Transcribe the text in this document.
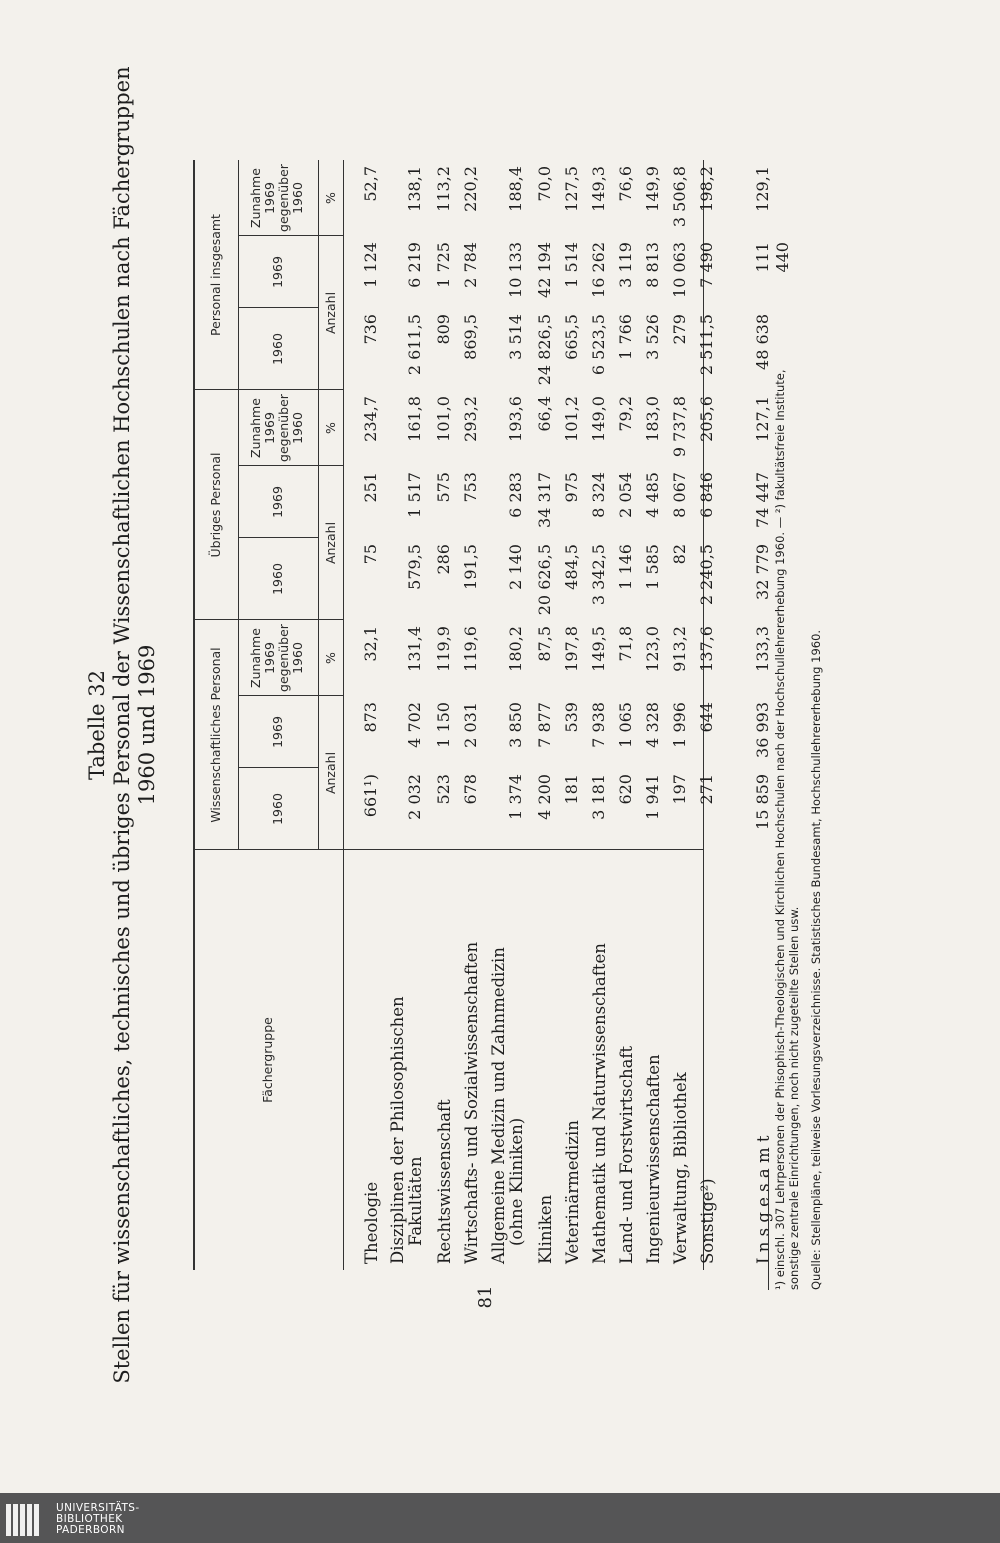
Tabelle 32 Stellen für wissenschaftliches, technisches und übriges Personal der Wissenschaftlichen Hochschulen nach Fächergruppen 1960 und 1969
81
Fächergruppe
Wissenschaftliches Personal
Übriges Personal
Personal insgesamt
1960
1969
Zunahme 1969 gegenüber 1960
1960
1969
Zunahme 1969 gegenüber 1960
1960
1969
Zunahme 1969 gegenüber 1960
Anzahl
%
Anzahl
%
Anzahl
%
Theologie
661¹)
873
32,1
75
251
234,7
736
1 124
52,7
Disziplinen der Philosophischen Fakultäten
2 032
4 702
131,4
579,5
1 517
161,8
2 611,5
6 219
138,1
Rechtswissenschaft
523
1 150
119,9
286
575
101,0
809
1 725
113,2
Wirtschafts- und Sozialwissenschaften
678
2 031
119,6
191,5
753
293,2
869,5
2 784
220,2
Allgemeine Medizin und Zahnmedizin (ohne Kliniken)
1 374
3 850
180,2
2 140
6 283
193,6
3 514
10 133
188,4
Kliniken
4 200
7 877
87,5
20 626,5
34 317
66,4
24 826,5
42 194
70,0
Veterinärmedizin
181
539
197,8
484,5
975
101,2
665,5
1 514
127,5
Mathematik und Naturwissenschaften
3 181
7 938
149,5
3 342,5
8 324
149,0
6 523,5
16 262
149,3
Land- und Forstwirtschaft
620
1 065
71,8
1 146
2 054
79,2
1 766
3 119
76,6
Ingenieurwissenschaften
1 941
4 328
123,0
1 585
4 485
183,0
3 526
8 813
149,9
Verwaltung, Bibliothek
197
1 996
913,2
82
8 067
9 737,8
279
10 063
3 506,8
Sonstige²)
271
644
137,6
2 240,5
6 846
205,6
2 511,5
7 490
198,2
I n s g e s a m t
15 859
36 993
133,3
32 779
74 447
127,1
48 638
111 440
129,1
¹) einschl. 307 Lehrpersonen der Phisophisch-Theologischen und Kirchlichen Hochschulen nach der Hochschullehrererhebung 1960. — ²) fakultätsfreie Institute, sonstige zentrale Einrichtungen, noch nicht zugeteilte Stellen usw. Quelle: Stellenpläne, teilweise Vorlesungsverzeichnisse. Statistisches Bundesamt, Hochschullehrererhebung 1960.
UNIVERSITÄTS-
BIBLIOTHEK
PADERBORN
